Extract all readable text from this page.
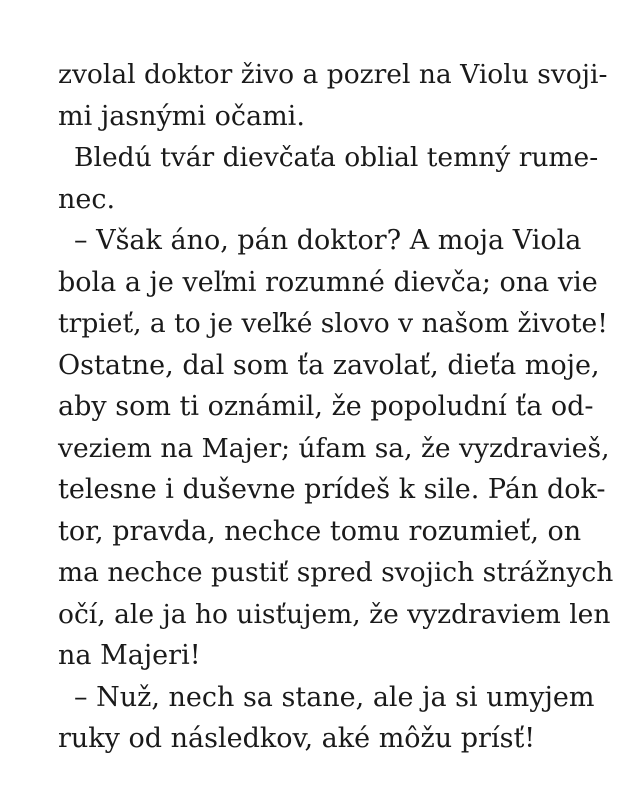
zvolal doktor živo a pozrel na Violu svoji-
mi jasnými očami.
Bledú tvár dievčaťa oblial temný rume-
nec.
– Však áno, pán doktor? A moja Viola
bola a je veľmi rozumné dievča; ona vie
trpieť, a to je veľké slovo v našom živote!
Ostatne, dal som ťa zavolať, dieťa moje,
aby som ti oznámil, že popoludní ťa od-
veziem na Majer; úfam sa, že vyzdravieš,
telesne i duševne prídeš k sile. Pán dok-
tor, pravda, nechce tomu rozumieť, on
ma nechce pustiť spred svojich strážnych
očí, ale ja ho uisťujem, že vyzdraviem len
na Majeri!
– Nuž, nech sa stane, ale ja si umyjem
ruky od následkov, aké môžu prísť!
